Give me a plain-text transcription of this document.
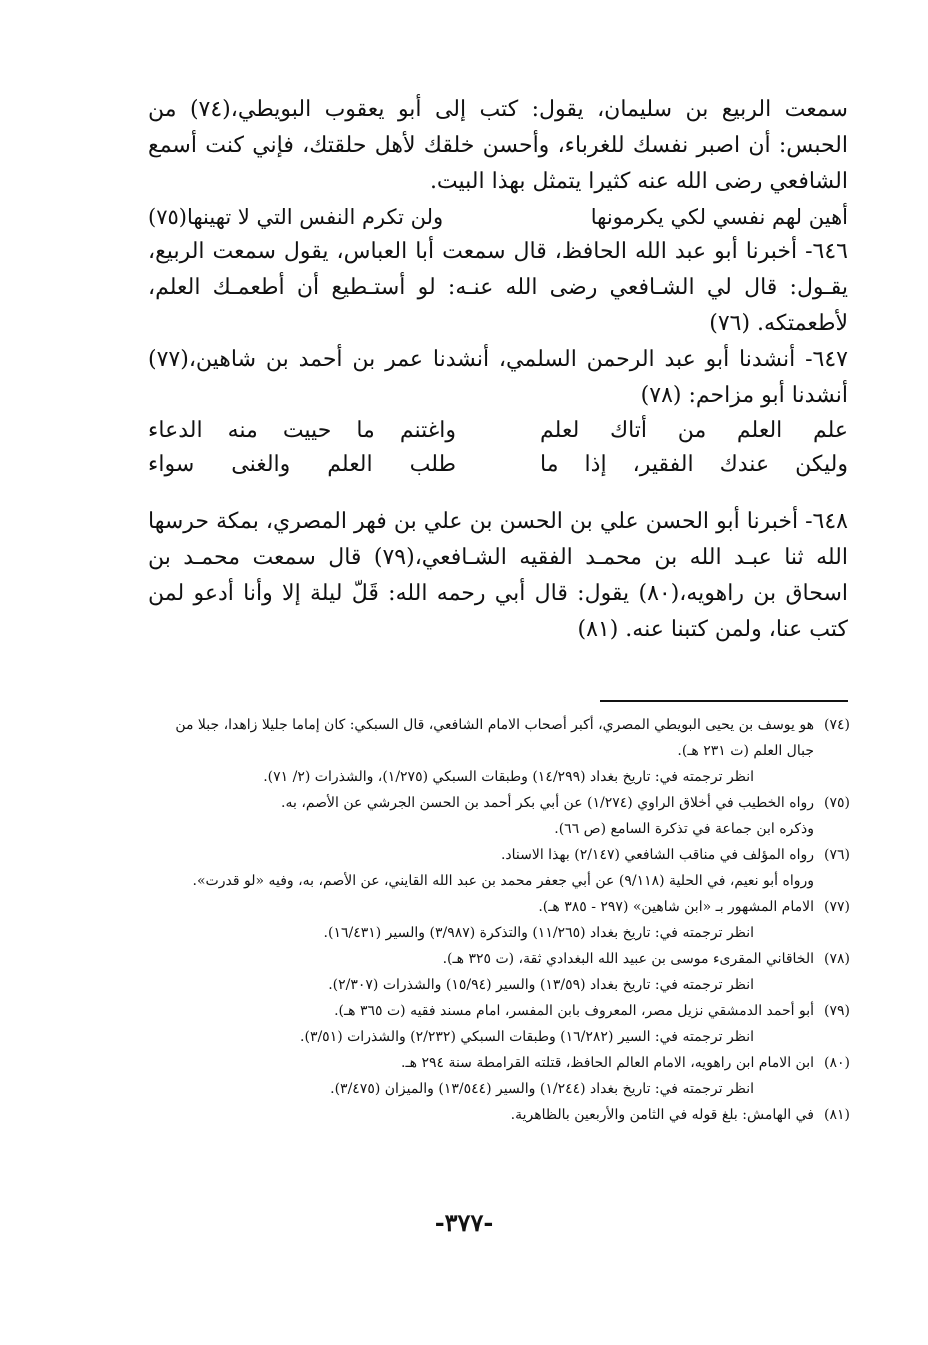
سمعت الربيع بن سليمان، يقول: كتب إلى أبو يعقوب البويطي،(٧٤) من الحبس: أن اصبر نفسك للغرباء، وأحسن خلقك لأهل حلقتك، فإني كنت أسمع الشافعي رضى الله عنه كثيرا يتمثل بهذا البيت.

أهين لهم نفسي لكي يكرمونها
ولن تكرم النفس التي لا تهينها(٧٥)

٦٤٦- أخبرنا أبو عبد الله الحافظ، قال سمعت أبا العباس، يقول سمعت الربيع، يقـول: قال لي الشـافعي رضى الله عنـه: لو أستـطيع أن أطعمـك العلم، لأطعمتكه. (٧٦)

٦٤٧- أنشدنا أبو عبد الرحمن السلمي، أنشدنا عمر بن أحمد بن شاهين،(٧٧) أنشدنا أبو مزاحم: (٧٨)

علم
العلم
من
أتاك
لعلم
واغتنم
ما
حييت
منه
الدعاء
وليكن
عندك
الفقير،
إذا
ما
طلب
العلم
والغنى
سواء

٦٤٨- أخبرنا أبو الحسن علي بن الحسن بن علي بن فهر المصري، بمكة حرسها الله ثنا عبـد الله بن محمـد الفقيه الشـافعي،(٧٩) قال سمعت محمـد بن اسحاق بن راهويه،(٨٠) يقول: قال أبي رحمه الله: قَلّ ليلة إلا وأنا أدعو لمن كتب عنا، ولمن كتبنا عنه. (٨١)

(٧٤)
هو يوسف بن يحيى البويطي المصري، أكبر أصحاب الامام الشافعي، قال السبكي: كان إماما جليلا زاهدا، جبلا من جبال العلم (ت ٢٣١ هـ).
انظر ترجمته في: تاريخ بغداد (١٤/٢٩٩) وطبقات السبكي (١/٢٧٥)، والشذرات (٢/ ٧١).
(٧٥)
رواه الخطيب في أخلاق الراوي (١/٢٧٤) عن أبي بكر أحمد بن الحسن الجرشي عن الأصم، به.
وذكره ابن جماعة في تذكرة السامع (ص ٦٦).
(٧٦)
رواه المؤلف في مناقب الشافعي (٢/١٤٧) بهذا الاسناد.
ورواه أبو نعيم، في الحلية (٩/١١٨) عن أبي جعفر محمد بن عبد الله القايني، عن الأصم، به، وفيه «لو قدرت».
(٧٧)
الامام المشهور بـ «ابن شاهين» (٢٩٧ - ٣٨٥ هـ).
انظر ترجمته في: تاريخ بغداد (١١/٢٦٥) والتذكرة (٣/٩٨٧) والسير (١٦/٤٣١).
(٧٨)
الخاقاني المقرىء موسى بن عبيد الله البغدادي ثقة، (ت ٣٢٥ هـ).
انظر ترجمته في: تاريخ بغداد (١٣/٥٩) والسير (١٥/٩٤) والشذرات (٢/٣٠٧).
(٧٩)
أبو أحمد الدمشقي نزيل مصر، المعروف بابن المفسر، امام مسند فقيه (ت ٣٦٥ هـ).
انظر ترجمته في: السير (١٦/٢٨٢) وطبقات السبكي (٢/٢٣٢) والشذرات (٣/٥١).
(٨٠)
ابن الامام ابن راهويه، الامام العالم الحافظ، قتلته القرامطة سنة ٢٩٤ هـ.
انظر ترجمته في: تاريخ بغداد (١/٢٤٤) والسير (١٣/٥٤٤) والميزان (٣/٤٧٥).
(٨١)
في الهامش: بلغ قوله في الثامن والأربعين بالظاهرية.
-٣٧٧-
